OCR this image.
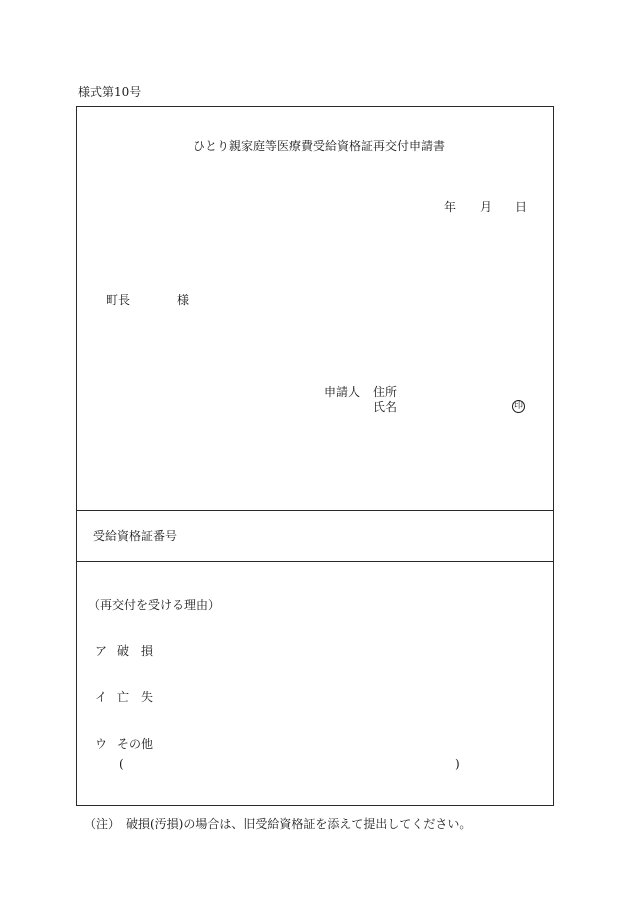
様式第10号
ひとり親家庭等医療費受給資格証再交付申請書
年 月 日
町長	様
申請人 住所
氏名	印
受給資格証番号
（再交付を受ける理由）
ア 破　損
イ 亡　失
ウ その他
(	)
（注）　破損(汚損)の場合は、旧受給資格証を添えて提出してください。
